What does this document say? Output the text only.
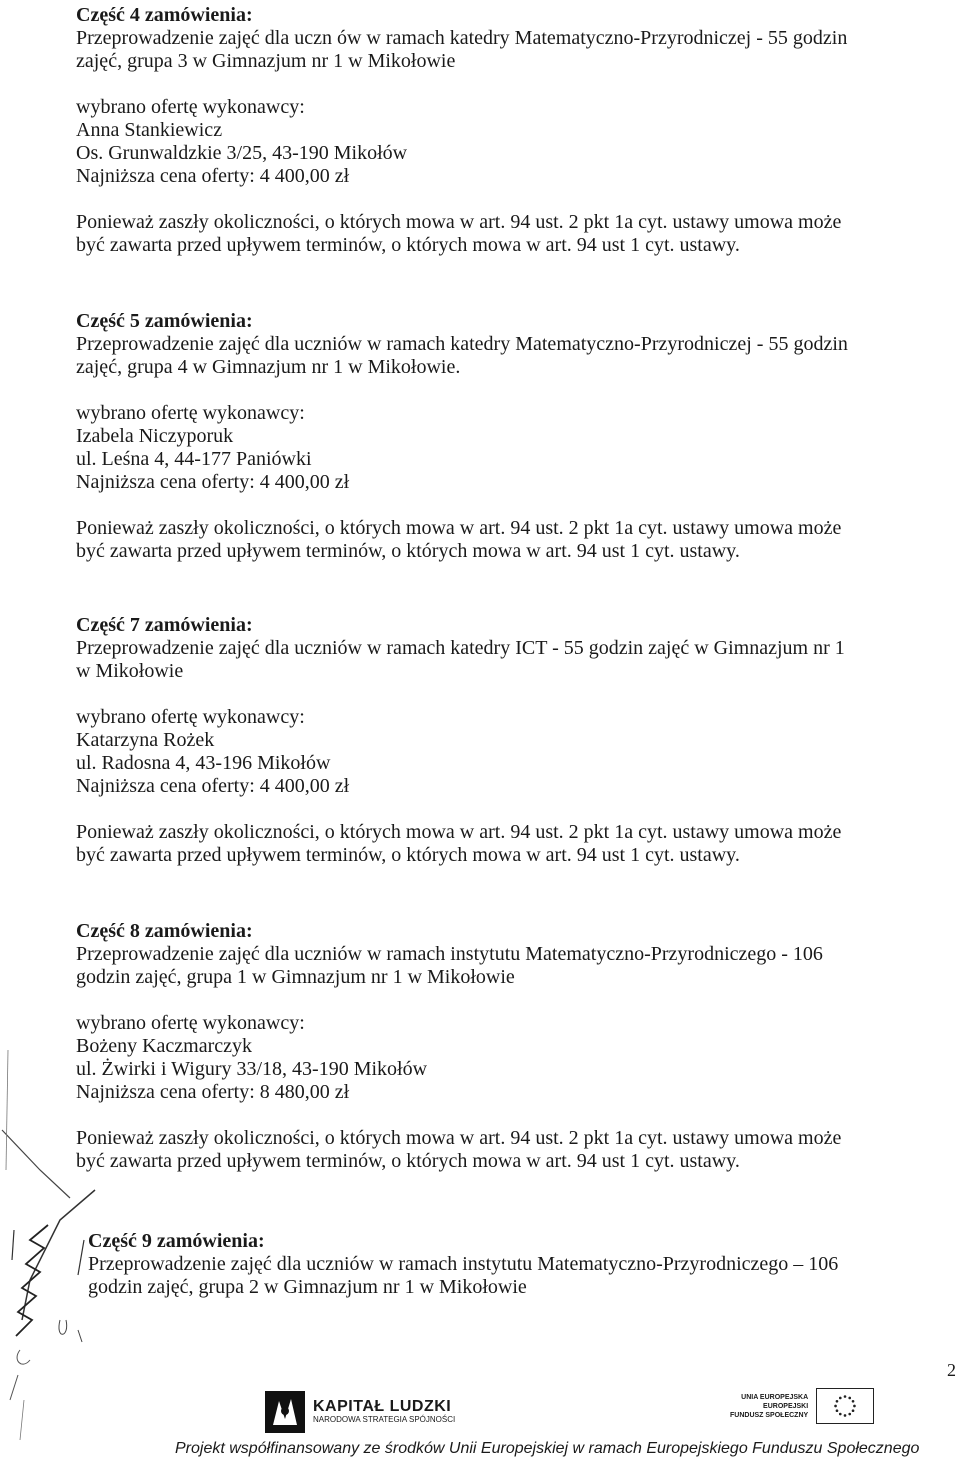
Część 4 zamówienia:
Przeprowadzenie zajęć dla uczn ów w ramach katedry Matematyczno-Przyrodniczej - 55 godzin
zajęć, grupa 3 w Gimnazjum nr 1 w Mikołowie
wybrano ofertę wykonawcy:
Anna Stankiewicz
Os. Grunwaldzkie 3/25, 43-190 Mikołów
Najniższa cena oferty: 4 400,00 zł
Ponieważ zaszły okoliczności, o których mowa w art. 94 ust. 2 pkt 1a cyt. ustawy umowa może
być zawarta przed upływem terminów, o których mowa w art. 94 ust 1 cyt. ustawy.
Część 5 zamówienia:
Przeprowadzenie zajęć dla uczniów w ramach katedry Matematyczno-Przyrodniczej - 55 godzin
zajęć, grupa 4 w Gimnazjum nr 1 w Mikołowie.
wybrano ofertę wykonawcy:
Izabela Niczyporuk
ul. Leśna 4, 44-177 Paniówki
Najniższa cena oferty: 4 400,00 zł
Ponieważ zaszły okoliczności, o których mowa w art. 94 ust. 2 pkt 1a cyt. ustawy umowa może
być zawarta przed upływem terminów, o których mowa w art. 94 ust 1 cyt. ustawy.
Część 7 zamówienia:
Przeprowadzenie zajęć dla uczniów w ramach katedry ICT - 55 godzin zajęć w Gimnazjum nr 1
w Mikołowie
wybrano ofertę wykonawcy:
Katarzyna Rożek
ul. Radosna 4, 43-196 Mikołów
Najniższa cena oferty: 4 400,00 zł
Ponieważ zaszły okoliczności, o których mowa w art. 94 ust. 2 pkt 1a cyt. ustawy umowa może
być zawarta przed upływem terminów, o których mowa w art. 94 ust 1 cyt. ustawy.
Część 8 zamówienia:
Przeprowadzenie zajęć dla uczniów w ramach instytutu Matematyczno-Przyrodniczego - 106
godzin zajęć, grupa 1 w Gimnazjum nr 1 w Mikołowie
wybrano ofertę wykonawcy:
Bożeny Kaczmarczyk
ul. Żwirki i Wigury 33/18, 43-190 Mikołów
Najniższa cena oferty: 8 480,00 zł
Ponieważ zaszły okoliczności, o których mowa w art. 94 ust. 2 pkt 1a cyt. ustawy umowa może
być zawarta przed upływem terminów, o których mowa w art. 94 ust 1 cyt. ustawy.
Część 9 zamówienia:
Przeprowadzenie zajęć dla uczniów w ramach instytutu Matematyczno-Przyrodniczego – 106
godzin zajęć, grupa 2 w Gimnazjum nr 1 w Mikołowie
2
KAPITAŁ LUDZKI
NARODOWA STRATEGIA SPÓJNOŚCI
UNIA EUROPEJSKA
EUROPEJSKI
FUNDUSZ SPOŁECZNY
Projekt współfinansowany ze środków Unii Europejskiej w ramach Europejskiego Funduszu Społecznego
